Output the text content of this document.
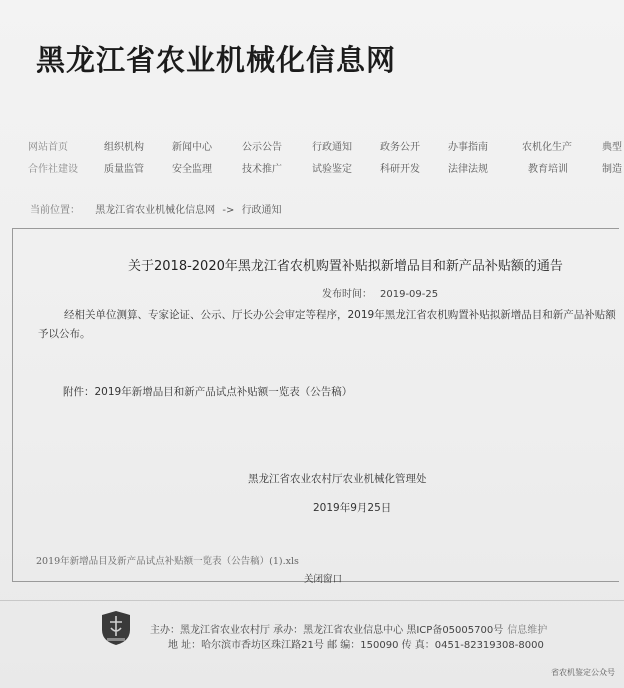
黑龙江省农业机械化信息网
网站首页	组织机构	新闻中心	公示公告	行政通知	政务公开	办事指南	农机化生产	典型
合作社建设	质量监管	安全监理	技术推广	试验鉴定	科研开发	法律法规	教育培训	制造
当前位置： 黑龙江省农业机械化信息网 -> 行政通知
关于2018-2020年黑龙江省农机购置补贴拟新增品目和新产品补贴额的通告
发布时间： 2019-09-25

经相关单位测算、专家论证、公示、厅长办公会审定等程序，2019年黑龙江省农机购置补贴拟新增品目和新产品补贴额予以公布。

附件：2019年新增品目和新产品试点补贴额一览表（公告稿）
黑龙江省农业农村厅农业机械化管理处
2019年9月25日
2019年新增品目及新产品试点补贴额一览表（公告稿）(1).xls
关闭窗口
主办：黑龙江省农业农村厅 承办：黑龙江省农业信息中心 黑ICP备05005700号 信息维护
地 址：哈尔滨市香坊区珠江路21号 邮 编：150090 传 真：0451-82319308-8000
省农机鉴定公众号
